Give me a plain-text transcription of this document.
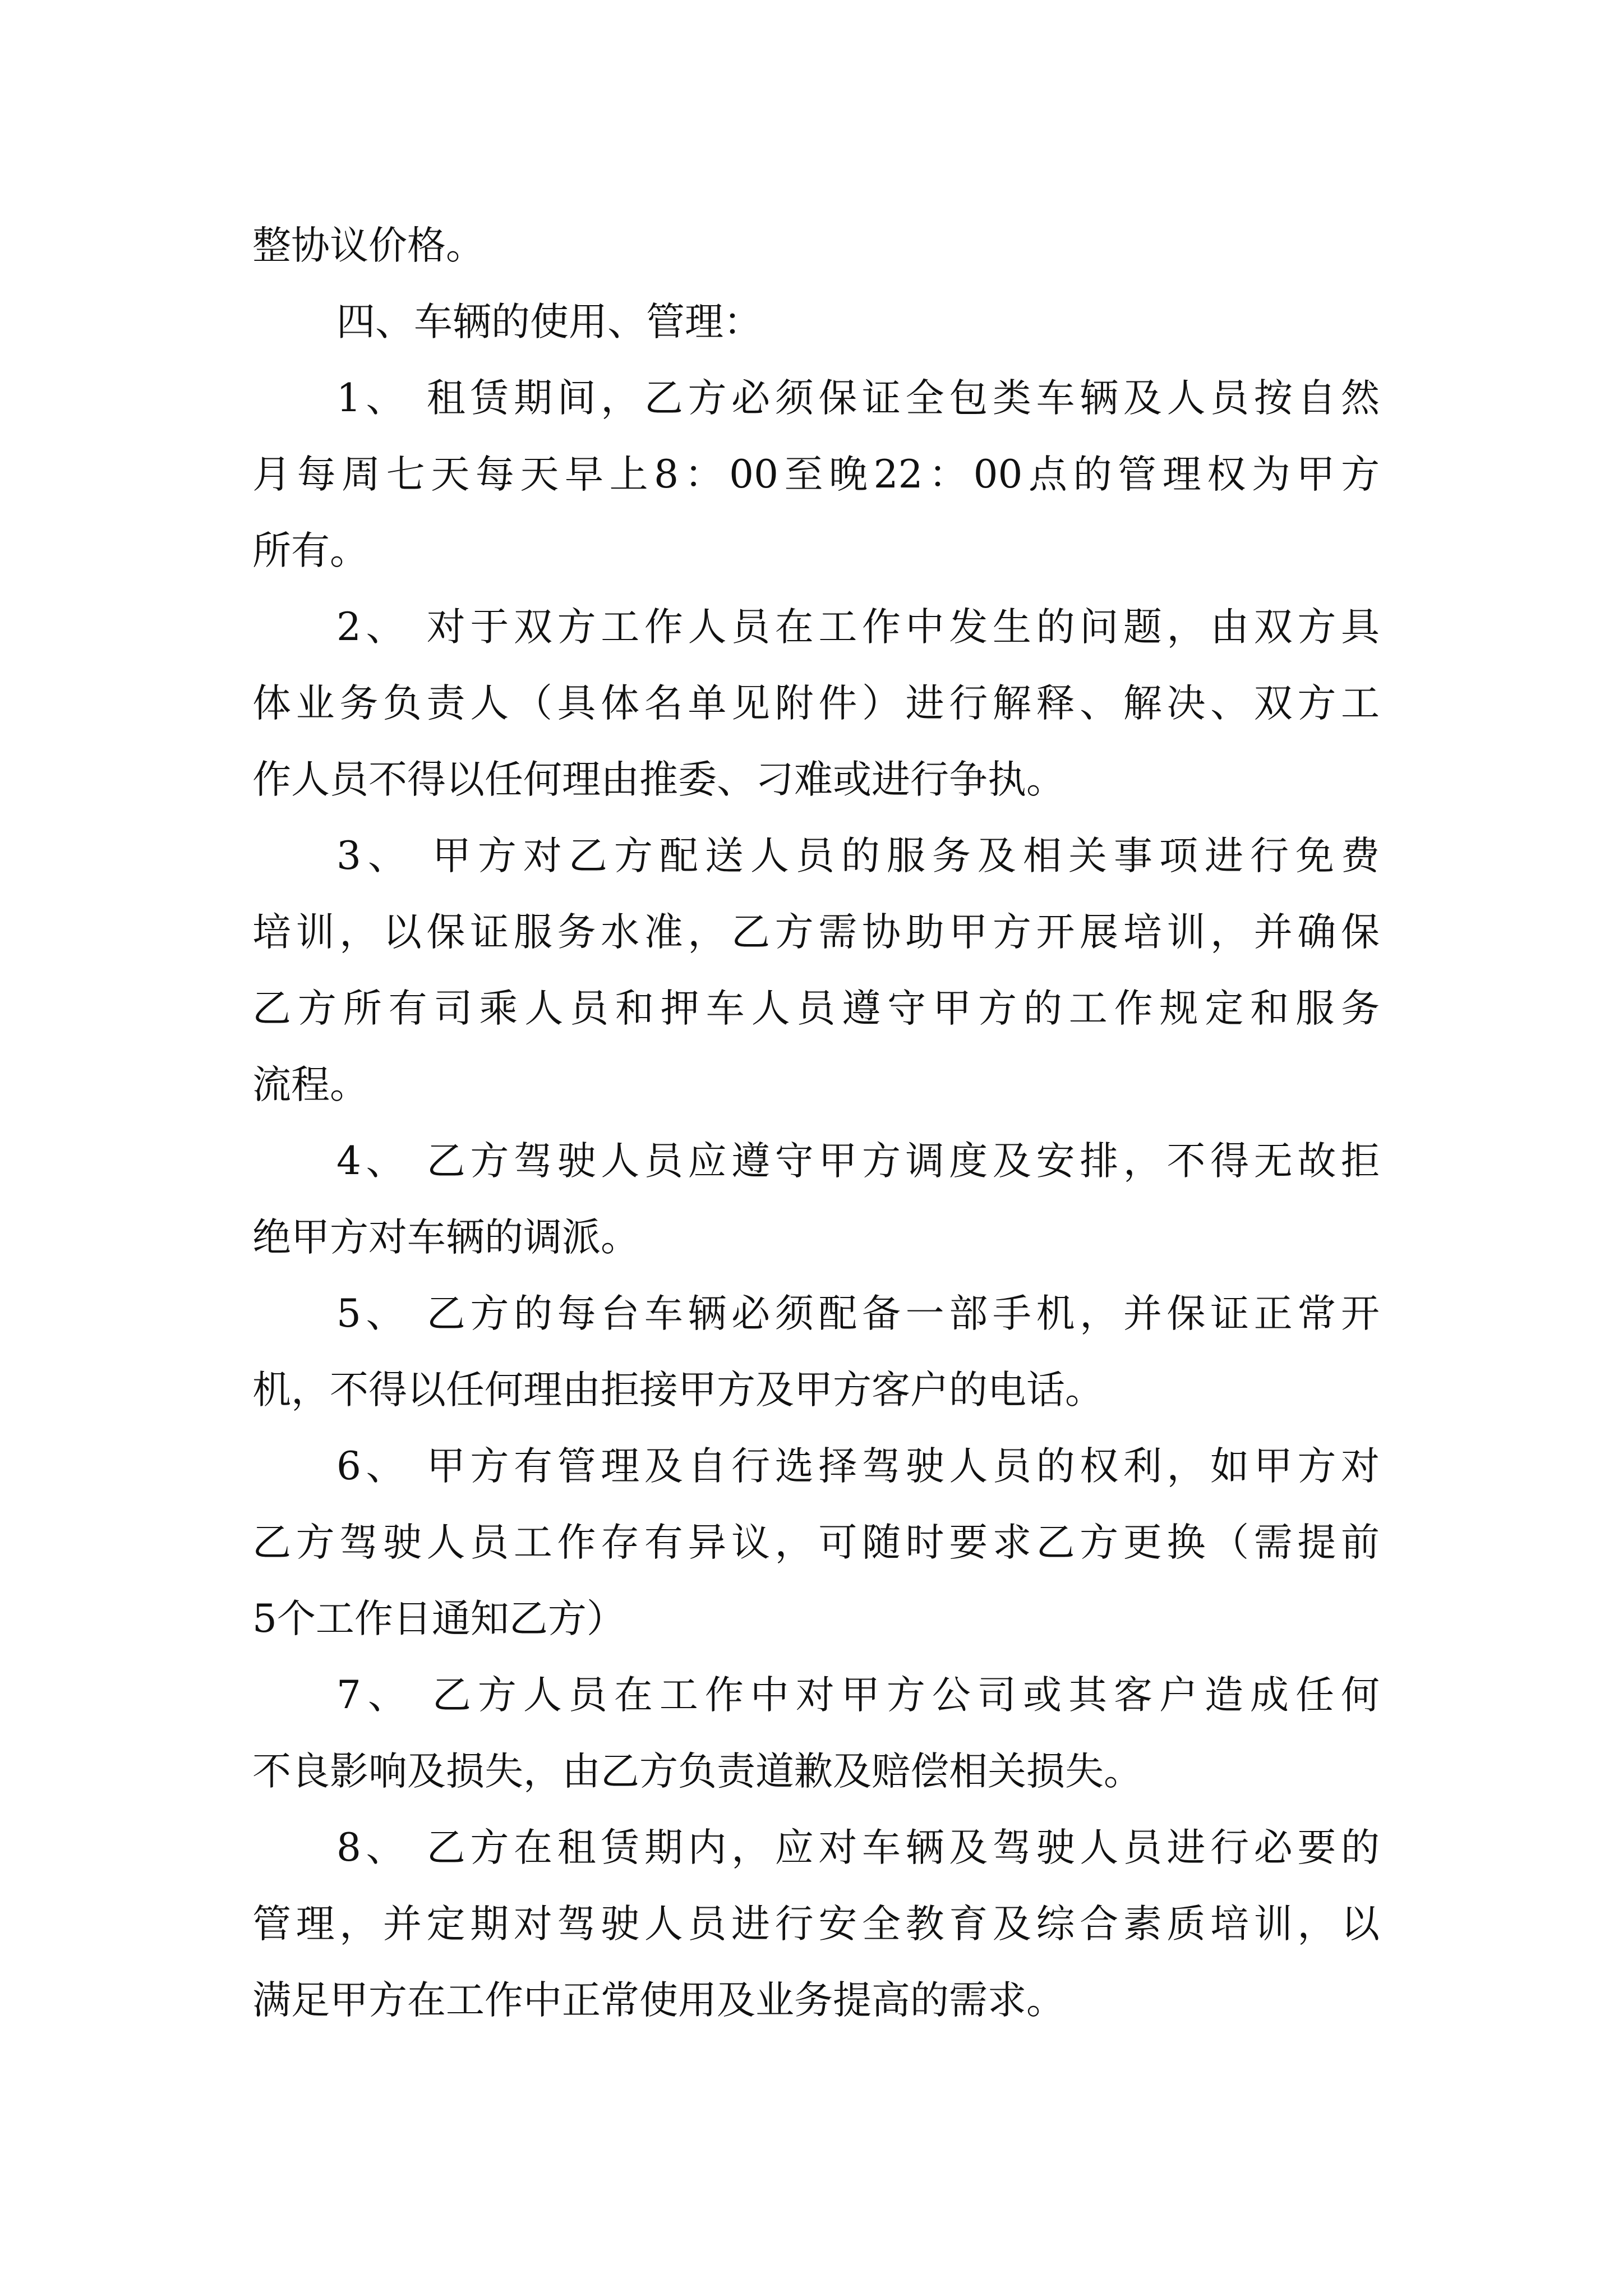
整协议价格。
四、车辆的使用、管理：
1、 租赁期间，乙方必须保证全包类车辆及人员按自然
月每周七天每天早上8：00至晚22：00点的管理权为甲方
所有。
2、 对于双方工作人员在工作中发生的问题，由双方具
体业务负责人（具体名单见附件）进行解释、解决、双方工
作人员不得以任何理由推委、刁难或进行争执。
3、 甲方对乙方配送人员的服务及相关事项进行免费
培训，以保证服务水准，乙方需协助甲方开展培训，并确保
乙方所有司乘人员和押车人员遵守甲方的工作规定和服务
流程。
4、 乙方驾驶人员应遵守甲方调度及安排，不得无故拒
绝甲方对车辆的调派。
5、 乙方的每台车辆必须配备一部手机，并保证正常开
机，不得以任何理由拒接甲方及甲方客户的电话。
6、 甲方有管理及自行选择驾驶人员的权利，如甲方对
乙方驾驶人员工作存有异议，可随时要求乙方更换（需提前
5个工作日通知乙方）
7、 乙方人员在工作中对甲方公司或其客户造成任何
不良影响及损失，由乙方负责道歉及赔偿相关损失。
8、 乙方在租赁期内，应对车辆及驾驶人员进行必要的
管理，并定期对驾驶人员进行安全教育及综合素质培训，以
满足甲方在工作中正常使用及业务提高的需求。
